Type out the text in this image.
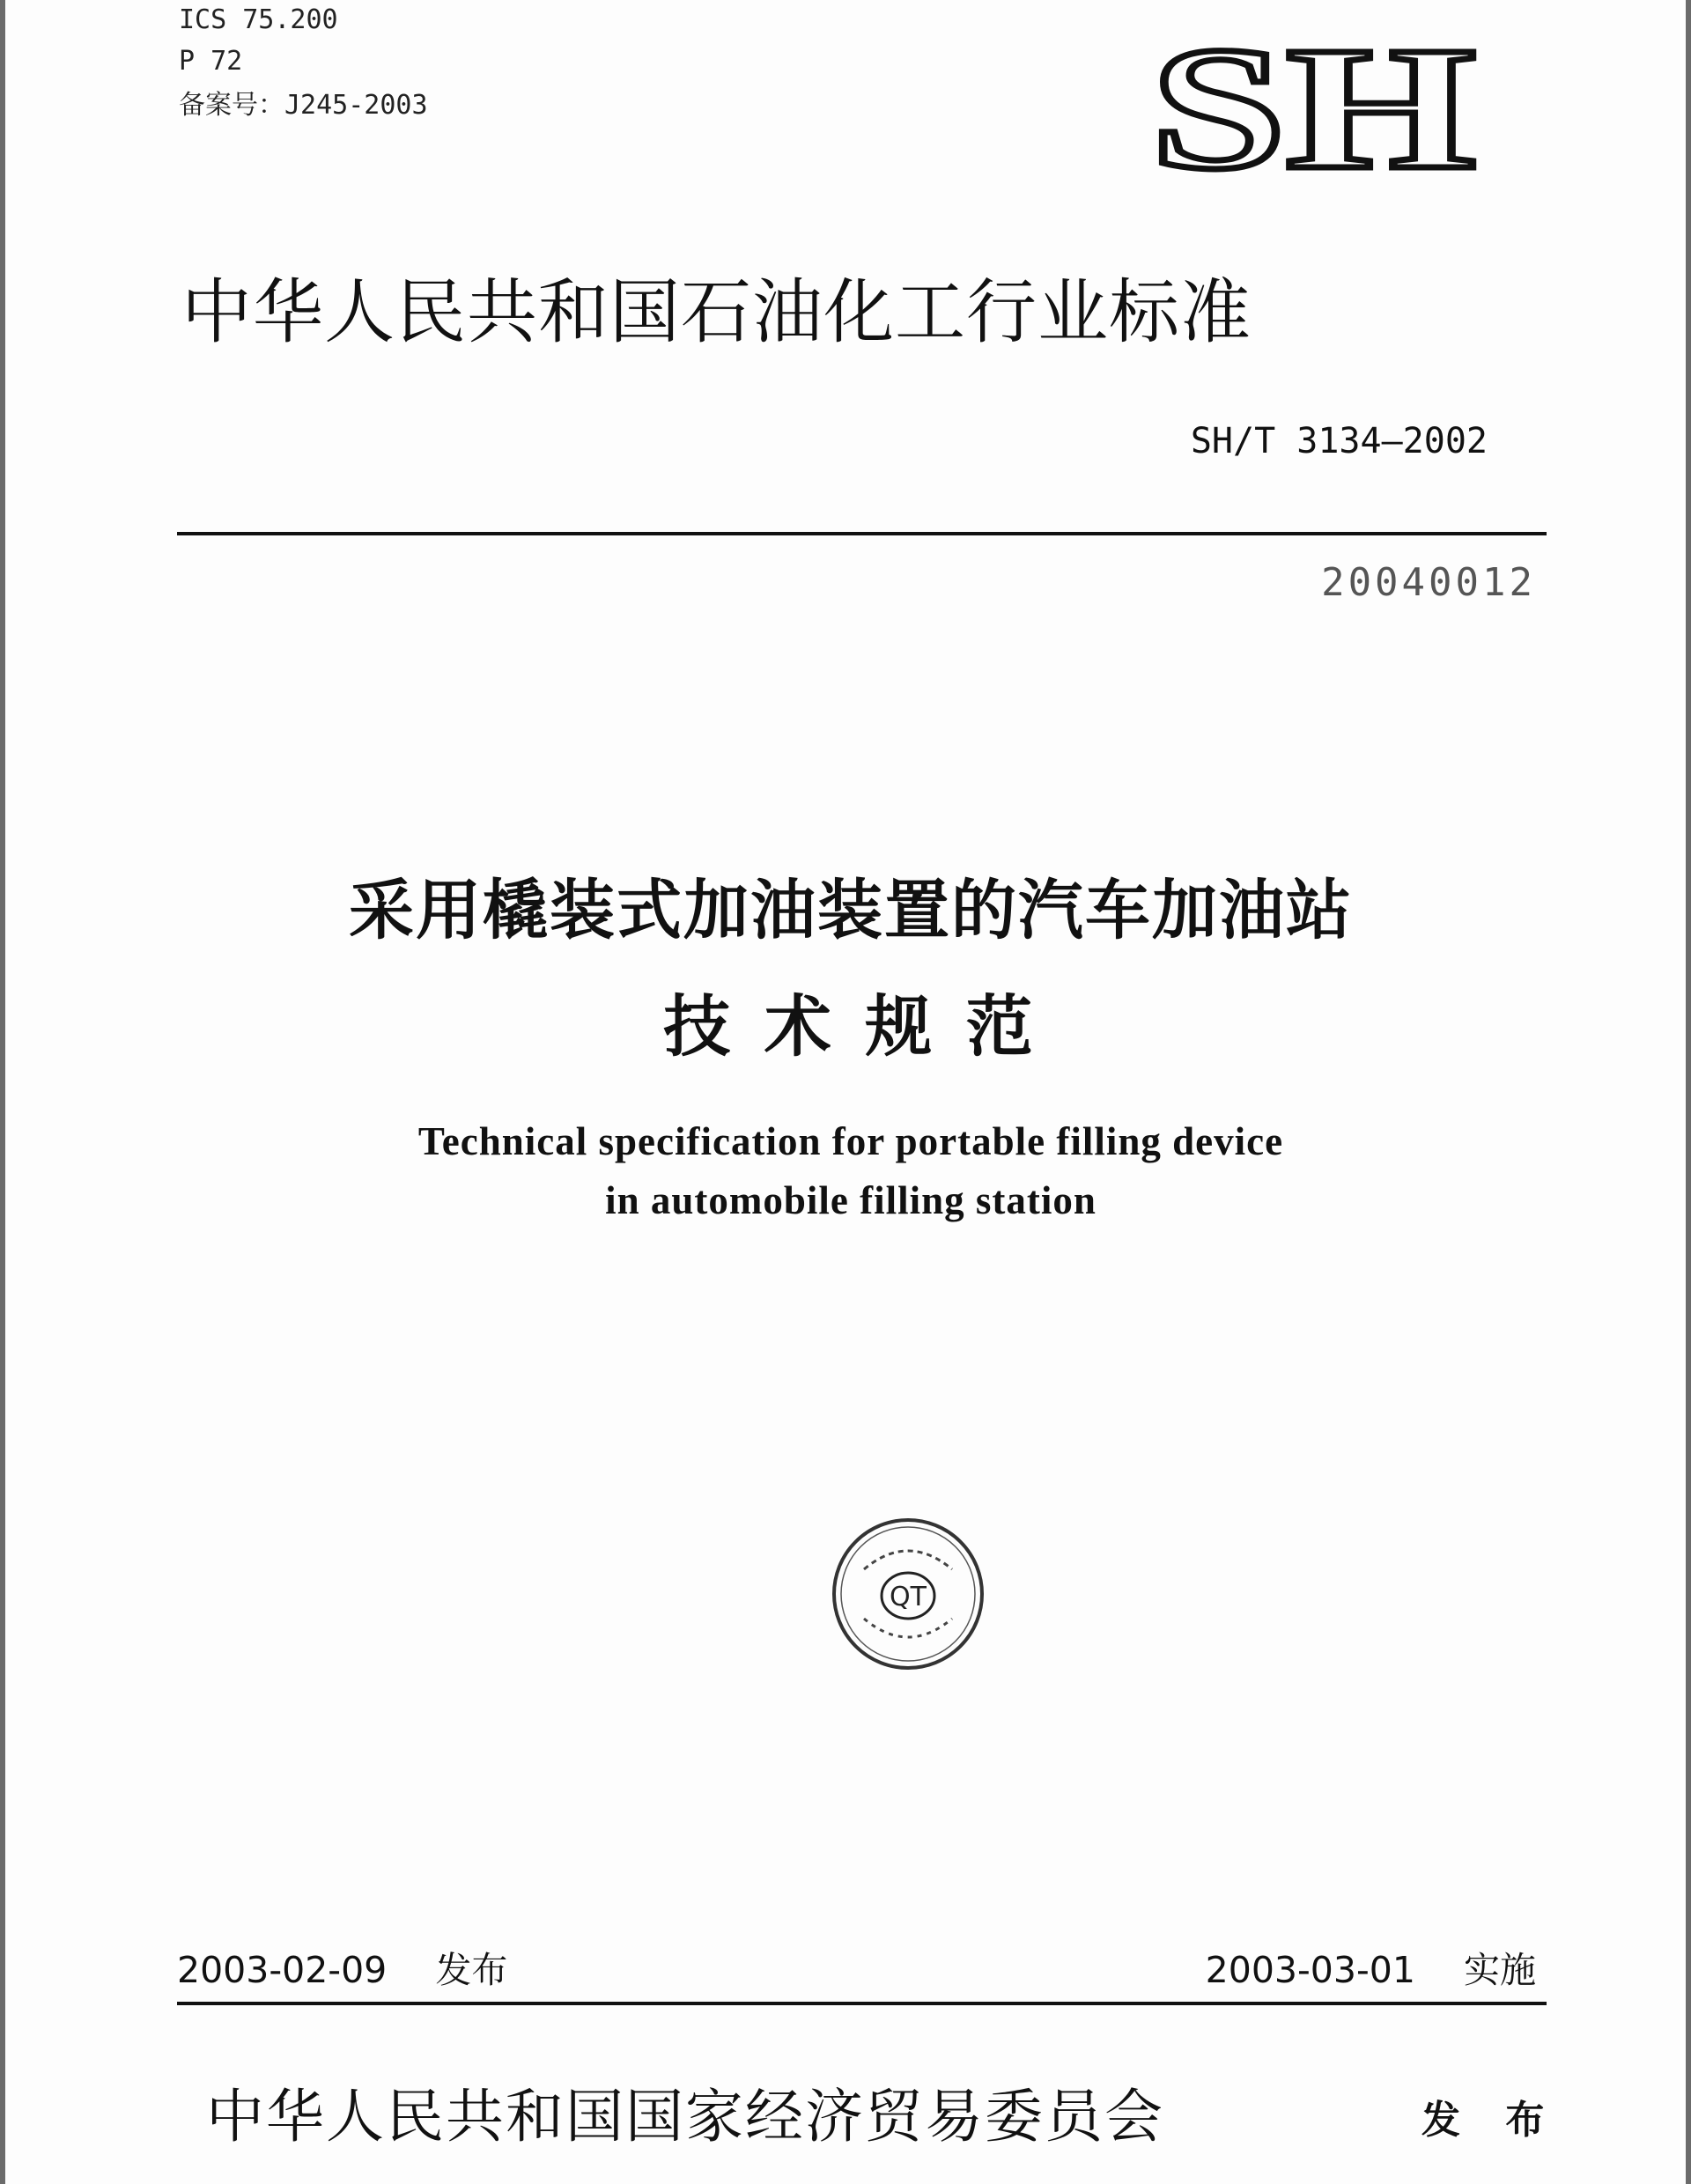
ICS 75.200
P 72
备案号：J245-2003	SH
中华人民共和国石油化工行业标准
SH/T 3134—2002
20040012
采用橇装式加油装置的汽车加油站
技 术 规 范
Technical specification for portable filling device
in automobile filling station
QT
2003-02-09 发布	2003-03-01 实施
中华人民共和国国家经济贸易委员会	发 布
